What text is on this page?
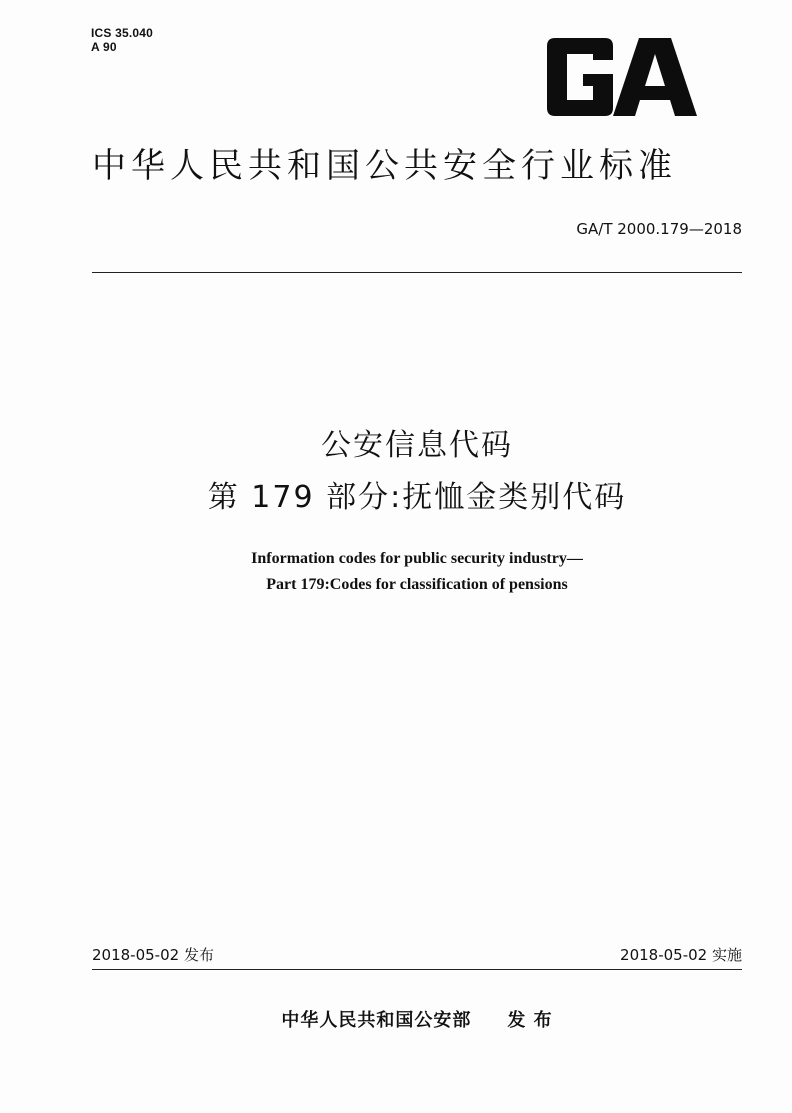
ICS 35.040
A 90
中华人民共和国公共安全行业标准
GA/T 2000.179—2018
公安信息代码
第 179 部分:抚恤金类别代码
Information codes for public security industry—
Part 179:Codes for classification of pensions
2018-05-02 发布	2018-05-02 实施
中华人民共和国公安部 发 布
